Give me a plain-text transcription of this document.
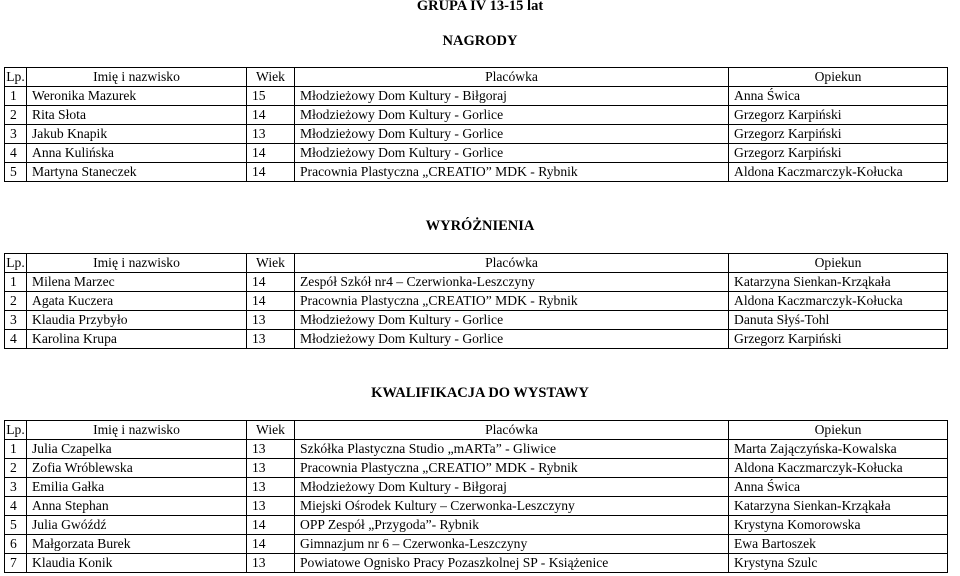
GRUPA IV 13-15 lat
NAGRODY
Lp.	Imię i nazwisko	Wiek	Placówka	Opiekun
1	Weronika Mazurek	15	Młodzieżowy Dom Kultury - Biłgoraj	Anna Świca
2	Rita Słota	14	Młodzieżowy Dom Kultury - Gorlice	Grzegorz Karpiński
3	Jakub Knapik	13	Młodzieżowy Dom Kultury - Gorlice	Grzegorz Karpiński
4	Anna Kulińska	14	Młodzieżowy Dom Kultury - Gorlice	Grzegorz Karpiński
5	Martyna Staneczek	14	Pracownia Plastyczna „CREATIO” MDK - Rybnik	Aldona Kaczmarczyk-Kołucka
WYRÓŻNIENIA
Lp.	Imię i nazwisko	Wiek	Placówka	Opiekun
1	Milena Marzec	14	Zespół Szkół nr4 – Czerwionka-Leszczyny	Katarzyna Sienkan-Krząkała
2	Agata Kuczera	14	Pracownia Plastyczna „CREATIO” MDK - Rybnik	Aldona Kaczmarczyk-Kołucka
3	Klaudia Przybyło	13	Młodzieżowy Dom Kultury - Gorlice	Danuta Słyś-Tohl
4	Karolina Krupa	13	Młodzieżowy Dom Kultury - Gorlice	Grzegorz Karpiński
KWALIFIKACJA DO WYSTAWY
Lp.	Imię i nazwisko	Wiek	Placówka	Opiekun
1	Julia Czapelka	13	Szkółka Plastyczna Studio „mARTa” - Gliwice	Marta Zajączyńska-Kowalska
2	Zofia Wróblewska	13	Pracownia Plastyczna „CREATIO” MDK - Rybnik	Aldona Kaczmarczyk-Kołucka
3	Emilia Gałka	13	Młodzieżowy Dom Kultury - Biłgoraj	Anna Świca
4	Anna Stephan	13	Miejski Ośrodek Kultury – Czerwonka-Leszczyny	Katarzyna Sienkan-Krząkała
5	Julia Gwóźdź	14	OPP Zespół „Przygoda”- Rybnik	Krystyna Komorowska
6	Małgorzata Burek	14	Gimnazjum nr 6 – Czerwonka-Leszczyny	Ewa Bartoszek
7	Klaudia Konik	13	Powiatowe Ognisko Pracy Pozaszkolnej SP - Książenice	Krystyna Szulc
